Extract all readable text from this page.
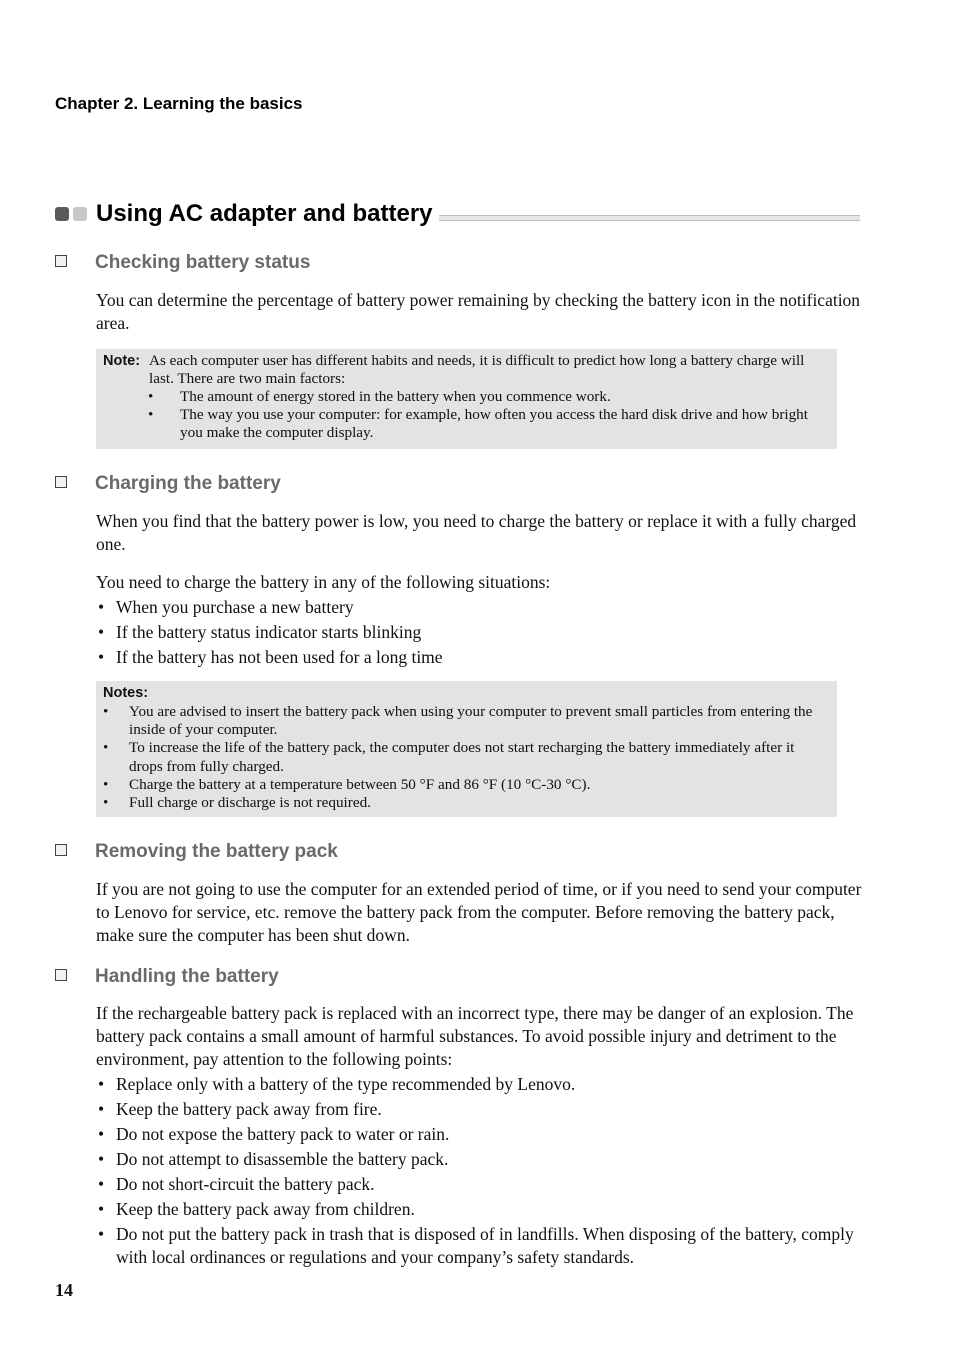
Chapter 2. Learning the basics
Using AC adapter and battery
Checking battery status

You can determine the percentage of battery power remaining by checking the battery icon in the notification area.

Note: As each computer user has different habits and needs, it is difficult to predict how long a battery charge will last. There are two main factors:
• The amount of energy stored in the battery when you commence work.
• The way you use your computer: for example, how often you access the hard disk drive and how bright you make the computer display.
Charging the battery

When you find that the battery power is low, you need to charge the battery or replace it with a fully charged one.

You need to charge the battery in any of the following situations:

• When you purchase a new battery
• If the battery status indicator starts blinking
• If the battery has not been used for a long time
Notes:
• You are advised to insert the battery pack when using your computer to prevent small particles from entering the inside of your computer.
• To increase the life of the battery pack, the computer does not start recharging the battery immediately after it drops from fully charged.
• Charge the battery at a temperature between 50 °F and 86 °F (10 °C-30 °C).
• Full charge or discharge is not required.
Removing the battery pack

If you are not going to use the computer for an extended period of time, or if you need to send your computer to Lenovo for service, etc. remove the battery pack from the computer. Before removing the battery pack, make sure the computer has been shut down.

Handling the battery

If the rechargeable battery pack is replaced with an incorrect type, there may be danger of an explosion. The battery pack contains a small amount of harmful substances. To avoid possible injury and detriment to the environment, pay attention to the following points:

• Replace only with a battery of the type recommended by Lenovo.
• Keep the battery pack away from fire.
• Do not expose the battery pack to water or rain.
• Do not attempt to disassemble the battery pack.
• Do not short-circuit the battery pack.
• Keep the battery pack away from children.
• Do not put the battery pack in trash that is disposed of in landfills. When disposing of the battery, comply with local ordinances or regulations and your company’s safety standards.
14
